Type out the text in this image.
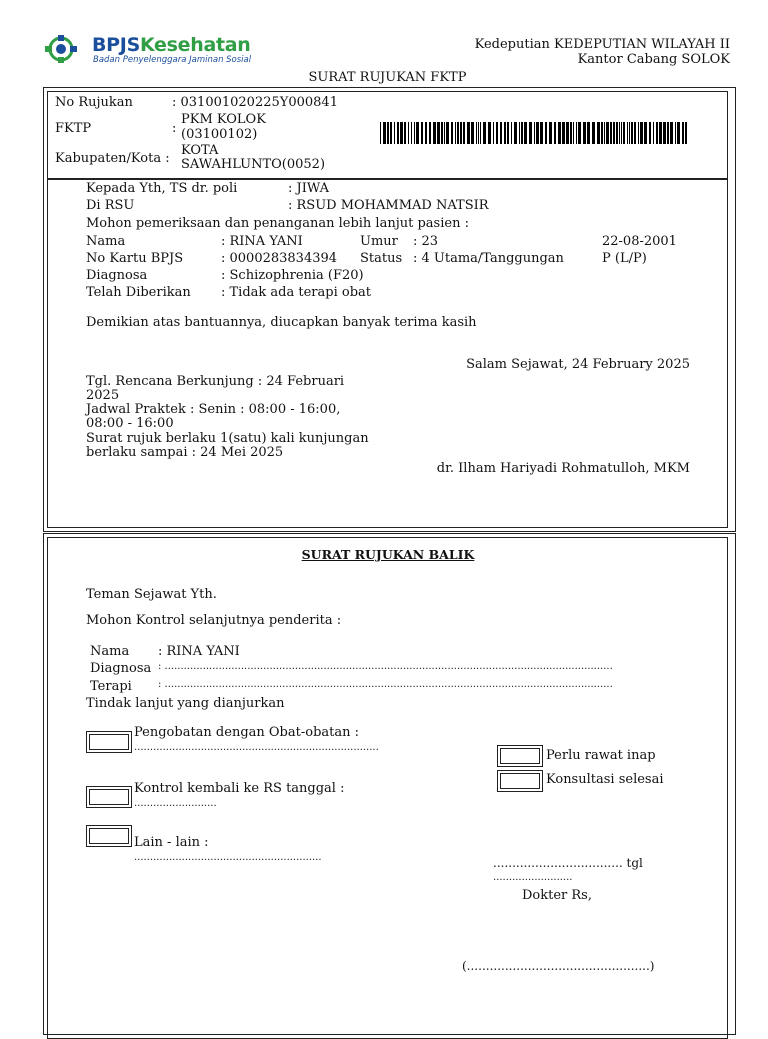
BPJSKesehatan
Badan Penyelenggara Jaminan Sosial
Kedeputian KEDEPUTIAN WILAYAH II
Kantor Cabang SOLOK
SURAT RUJUKAN FKTP
No Rujukan	: 031001020225Y000841
FKTP	:
PKM KOLOK
(03100102)
Kabupaten/Kota :
KOTA
SAWAHLUNTO(0052)
Kepada Yth, TS dr. poli	: JIWA
Di RSU	: RSUD MOHAMMAD NATSIR
Mohon pemeriksaan dan penanganan lebih lanjut pasien :
Nama	: RINA YANI	Umur : 23	22-08-2001
No Kartu BPJS	: 0000283834394 Status : 4 Utama/Tanggungan	P (L/P)
Diagnosa	: Schizophrenia (F20)
Telah Diberikan : Tidak ada terapi obat
Demikian atas bantuannya, diucapkan banyak terima kasih
Salam Sejawat, 24 February 2025
Tgl. Rencana Berkunjung : 24 Februari
2025
Jadwal Praktek : Senin : 08:00 - 16:00,
08:00 - 16:00
Surat rujuk berlaku 1(satu) kali kunjungan
berlaku sampai : 24 Mei 2025
dr. Ilham Hariyadi Rohmatulloh, MKM
SURAT RUJUKAN BALIK
Teman Sejawat Yth.
Mohon Kontrol selanjutnya penderita :
Nama : RINA YANI
Diagnosa : .............................................................................................................................................
Terapi	: .............................................................................................................................................
Tindak lanjut yang dianjurkan
Pengobatan dengan Obat-obatan :
.............................................................................
Kontrol kembali ke RS tanggal :
..........................
Lain - lain :
...........................................................
Perlu rawat inap
Konsultasi selesai
.................................. tgl
.........................
Dokter Rs,
(................................................)
